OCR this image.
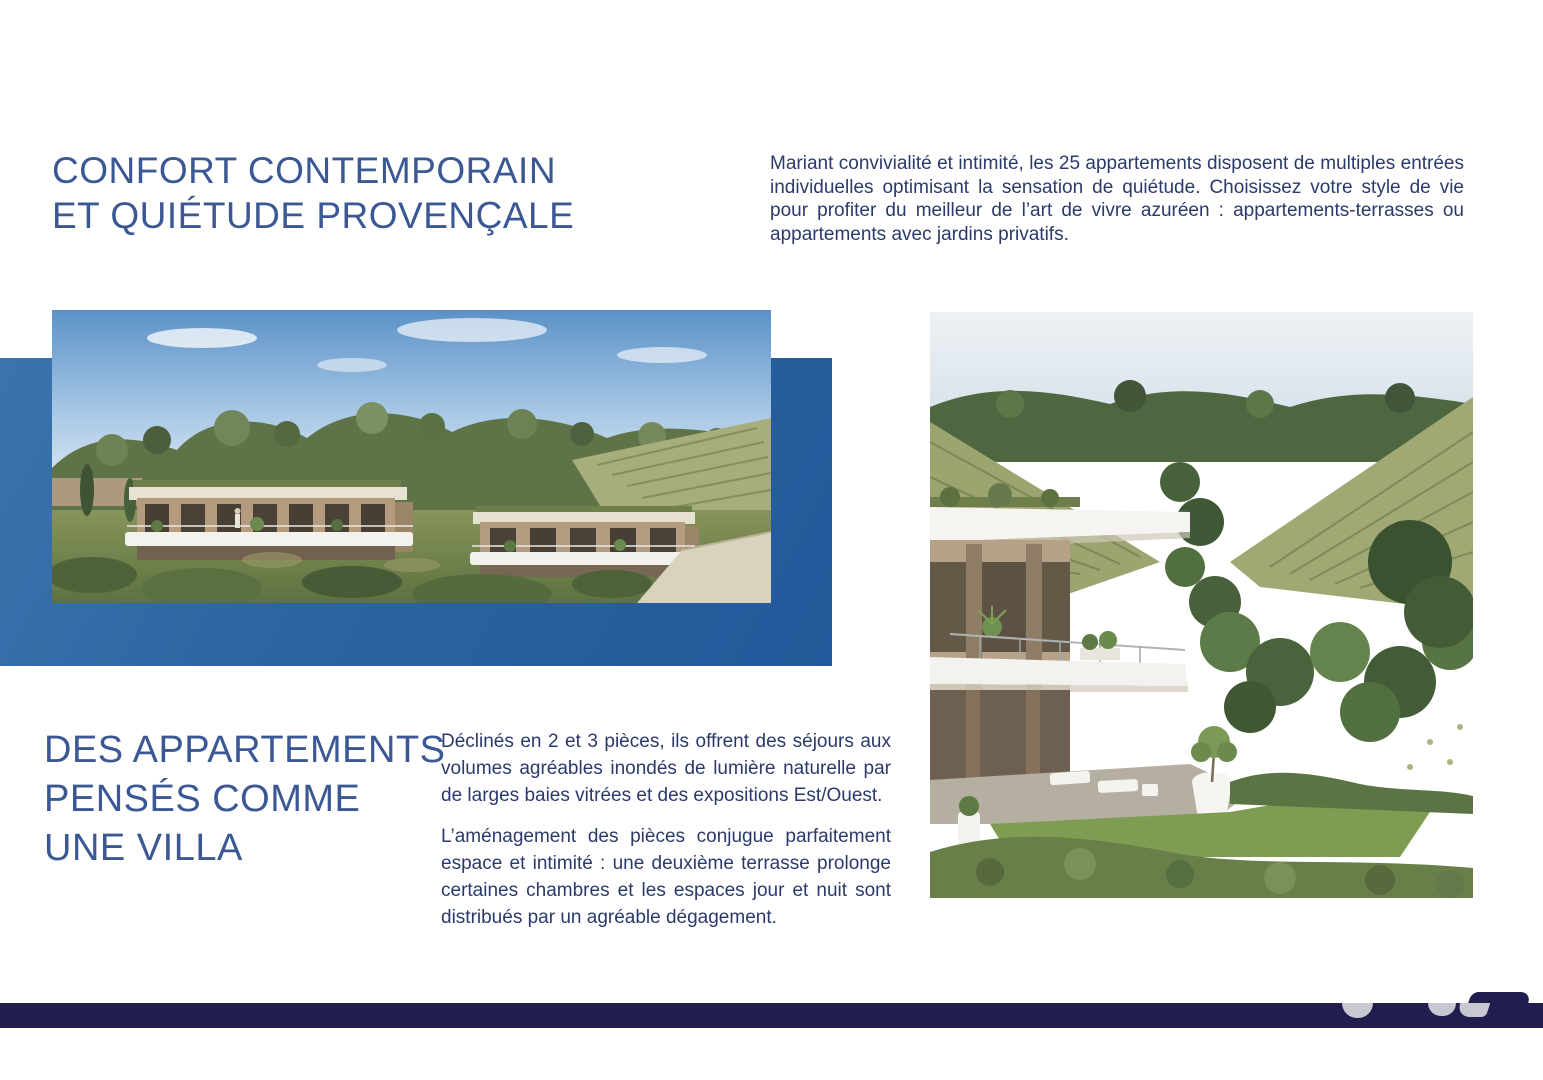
CONFORT CONTEMPORAIN
ET QUIÉTUDE PROVENÇALE

Mariant convivialité et intimité, les 25 appartements disposent de multiples entrées individuelles optimisant la sensation de quiétude. Choisissez votre style de vie pour profiter du meilleur de l’art de vivre azuréen : appartements-terrasses ou appartements avec jardins privatifs.

DES APPARTEMENTS
PENSÉS COMME
UNE VILLA

Déclinés en 2 et 3 pièces, ils offrent des séjours aux volumes agréables inondés de lumière naturelle par de larges baies vitrées et des expositions Est/Ouest.

L’aménagement des pièces conjugue parfaitement espace et intimité : une deuxième terrasse prolonge certaines chambres et les espaces jour et nuit sont distribués par un agréable dégagement.
